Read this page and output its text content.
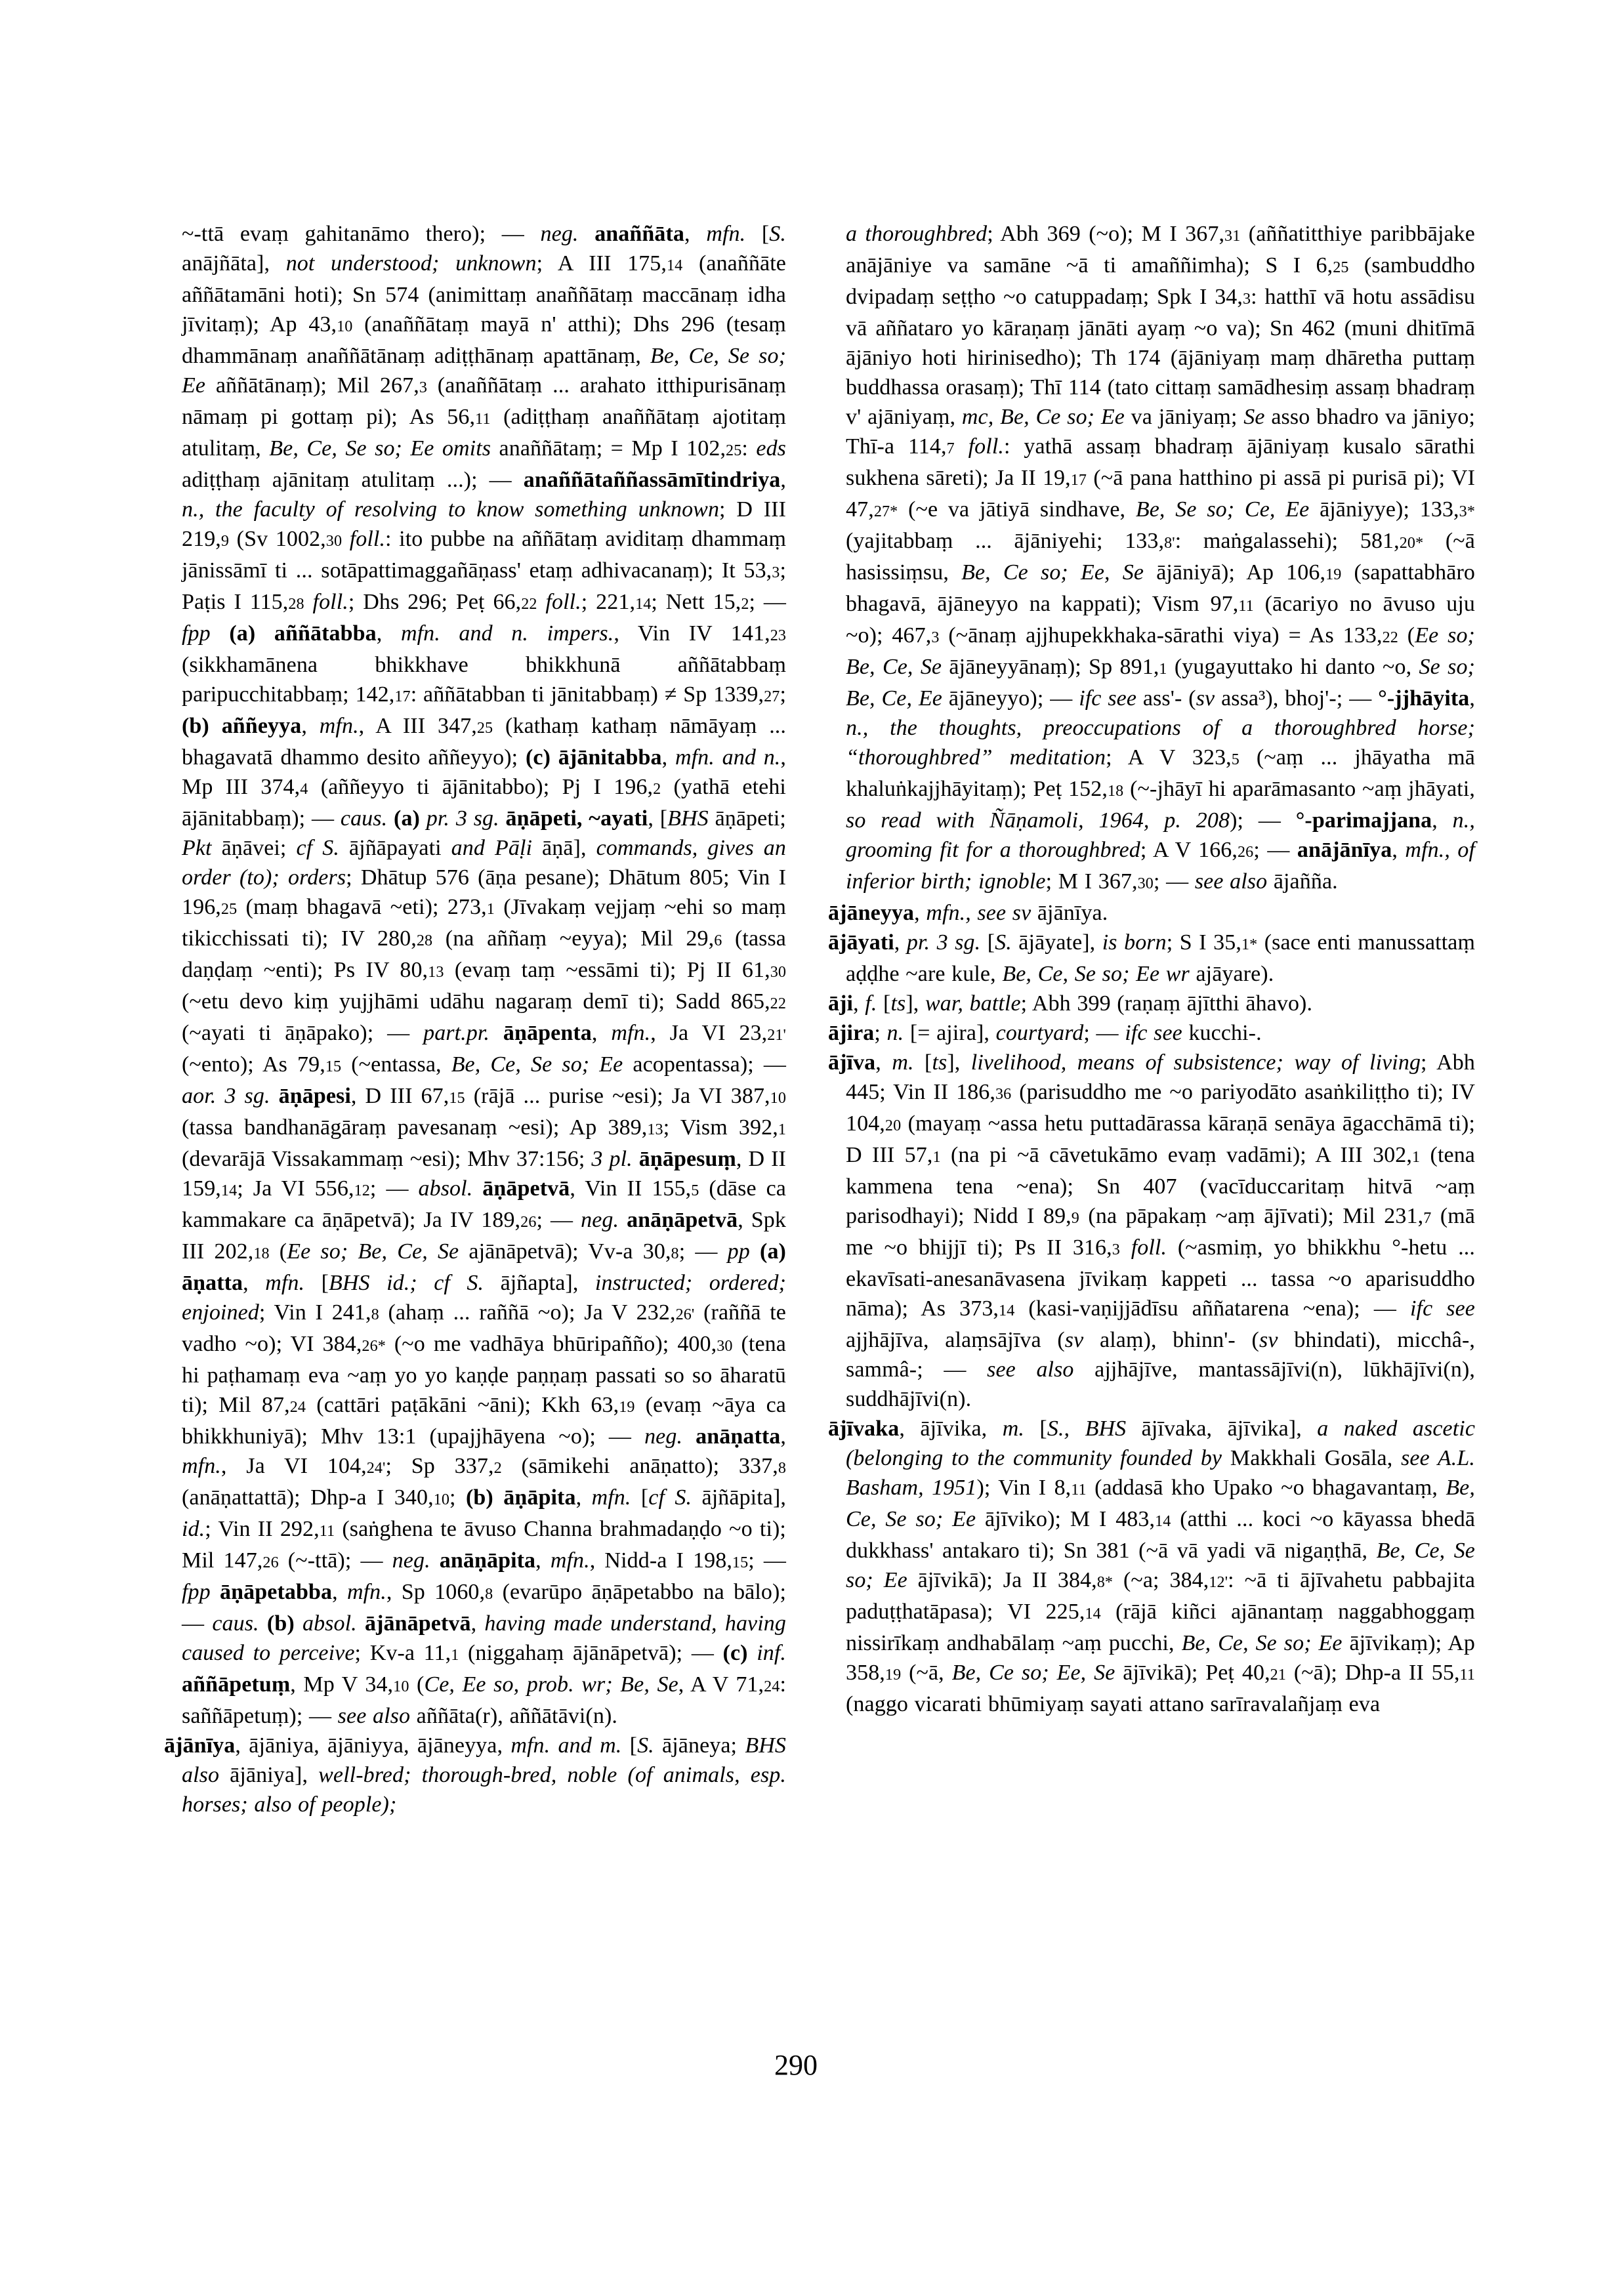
~-ttā evaṃ gahitanāmo thero); — neg. anaññāta, mfn. [S. anājñāta], not understood; unknown; A III 175,14 (anaññāte aññātamāni hoti); Sn 574 (animittaṃ anaññātaṃ maccānaṃ idha jīvitaṃ); Ap 43,10 (anaññātaṃ mayā n' atthi); Dhs 296 (tesaṃ dhammānaṃ anaññātānaṃ adiṭṭhānaṃ apattānaṃ, Be, Ce, Se so; Ee aññātānaṃ); Mil 267,3 (anaññātaṃ ... arahato itthipurisānaṃ nāmaṃ pi gottaṃ pi); As 56,11 (adiṭṭhaṃ anaññātaṃ ajotitaṃ atulitaṃ, Be, Ce, Se so; Ee omits anaññātaṃ; = Mp I 102,25: eds adiṭṭhaṃ ajānitaṃ atulitaṃ ...); — anaññātaññassāmītindriya, n., the faculty of resolving to know something unknown; D III 219,9 (Sv 1002,30 foll.: ito pubbe na aññātaṃ aviditaṃ dhammaṃ jānissāmī ti ... sotāpattimaggañāṇass' etaṃ adhivacanaṃ); It 53,3; Paṭis I 115,28 foll.; Dhs 296; Peṭ 66,22 foll.; 221,14; Nett 15,2; — fpp (a) aññātabba, mfn. and n. impers., Vin IV 141,23 (sikkhamānena bhikkhave bhikkhunā aññātabbaṃ paripucchitabbaṃ; 142,17: aññātabban ti jānitabbaṃ) ≠ Sp 1339,27; (b) aññeyya, mfn., A III 347,25 (kathaṃ kathaṃ nāmāyaṃ ... bhagavatā dhammo desito aññeyyo); (c) ājānitabba, mfn. and n., Mp III 374,4 (aññeyyo ti ājānitabbo); Pj I 196,2 (yathā etehi ājānitabbaṃ); — caus. (a) pr. 3 sg. āṇāpeti, ~ayati, [BHS āṇāpeti; Pkt āṇāvei; cf S. ājñāpayati and Pāḷi āṇā], commands, gives an order (to); orders; Dhātup 576 (āṇa pesane); Dhātum 805; Vin I 196,25 (maṃ bhagavā ~eti); 273,1 (Jīvakaṃ vejjaṃ ~ehi so maṃ tikicchissati ti); IV 280,28 (na aññaṃ ~eyya); Mil 29,6 (tassa daṇḍaṃ ~enti); Ps IV 80,13 (evaṃ taṃ ~essāmi ti); Pj II 61,30 (~etu devo kiṃ yujjhāmi udāhu nagaraṃ demī ti); Sadd 865,22 (~ayati ti āṇāpako); — part.pr. āṇāpenta, mfn., Ja VI 23,21' (~ento); As 79,15 (~entassa, Be, Ce, Se so; Ee acopentassa); — aor. 3 sg. āṇāpesi, D III 67,15 (rājā ... purise ~esi); Ja VI 387,10 (tassa bandhanāgāraṃ pavesanaṃ ~esi); Ap 389,13; Vism 392,1 (devarājā Vissakammaṃ ~esi); Mhv 37:156; 3 pl. āṇāpesuṃ, D II 159,14; Ja VI 556,12; — absol. āṇāpetvā, Vin II 155,5 (dāse ca kammakare ca āṇāpetvā); Ja IV 189,26; — neg. anāṇāpetvā, Spk III 202,18 (Ee so; Be, Ce, Se ajānāpetvā); Vv-a 30,8; — pp (a) āṇatta, mfn. [BHS id.; cf S. ājñapta], instructed; ordered; enjoined; Vin I 241,8 (ahaṃ ... raññā ~o); Ja V 232,26' (raññā te vadho ~o); VI 384,26* (~o me vadhāya bhūripañño); 400,30 (tena hi paṭhamaṃ eva ~aṃ yo yo kaṇḍe paṇṇaṃ passati so so āharatū ti); Mil 87,24 (cattāri paṭākāni ~āni); Kkh 63,19 (evaṃ ~āya ca bhikkhuniyā); Mhv 13:1 (upajjhāyena ~o); — neg. anāṇatta, mfn., Ja VI 104,24'; Sp 337,2 (sāmikehi anāṇatto); 337,8 (anāṇattattā); Dhp-a I 340,10; (b) āṇāpita, mfn. [cf S. ājñāpita], id.; Vin II 292,11 (saṅghena te āvuso Channa brahmadaṇḍo ~o ti); Mil 147,26 (~-ttā); — neg. anāṇāpita, mfn., Nidd-a I 198,15; — fpp āṇāpetabba, mfn., Sp 1060,8 (evarūpo āṇāpetabbo na bālo); — caus. (b) absol. ājānāpetvā, having made understand, having caused to perceive; Kv-a 11,1 (niggahaṃ ājānāpetvā); — (c) inf. aññāpetuṃ, Mp V 34,10 (Ce, Ee so, prob. wr; Be, Se, A V 71,24: saññāpetuṃ); — see also aññāta(r), aññātāvi(n).

ājānīya, ājāniya, ājāniyya, ājāneyya, mfn. and m. [S. ājāneya; BHS also ājāniya], well-bred; thorough-bred, noble (of animals, esp. horses; also of people);

a thoroughbred; Abh 369 (~o); M I 367,31 (aññatitthiye paribbājake anājāniye va samāne ~ā ti amaññimha); S I 6,25 (sambuddho dvipadaṃ seṭṭho ~o catuppadaṃ; Spk I 34,3: hatthī vā hotu assādisu vā aññataro yo kāraṇaṃ jānāti ayaṃ ~o va); Sn 462 (muni dhitīmā ājāniyo hoti hirinisedho); Th 174 (ājāniyaṃ maṃ dhāretha puttaṃ buddhassa orasaṃ); Thī 114 (tato cittaṃ samādhesiṃ assaṃ bhadraṃ v' ajāniyaṃ, mc, Be, Ce so; Ee va jāniyaṃ; Se asso bhadro va jāniyo; Thī-a 114,7 foll.: yathā assaṃ bhadraṃ ājāniyaṃ kusalo sārathi sukhena sāreti); Ja II 19,17 (~ā pana hatthino pi assā pi purisā pi); VI 47,27* (~e va jātiyā sindhave, Be, Se so; Ce, Ee ājāniyye); 133,3* (yajitabbaṃ ... ājāniyehi; 133,8': maṅgalassehi); 581,20* (~ā hasissiṃsu, Be, Ce so; Ee, Se ājāniyā); Ap 106,19 (sapattabhāro bhagavā, ājāneyyo na kappati); Vism 97,11 (ācariyo no āvuso uju ~o); 467,3 (~ānaṃ ajjhupekkhaka-sārathi viya) = As 133,22 (Ee so; Be, Ce, Se ājāneyyānaṃ); Sp 891,1 (yugayuttako hi danto ~o, Se so; Be, Ce, Ee ājāneyyo); — ifc see ass'- (sv assa³), bhoj'-; — °-jjhāyita, n., the thoughts, preoccupations of a thoroughbred horse; “thoroughbred” meditation; A V 323,5 (~aṃ ... jhāyatha mā khaluṅkajjhāyitaṃ); Peṭ 152,18 (~-jhāyī hi aparāmasanto ~aṃ jhāyati, so read with Ñāṇamoli, 1964, p. 208); — °-parimajjana, n., grooming fit for a thoroughbred; A V 166,26; — anājānīya, mfn., of inferior birth; ignoble; M I 367,30; — see also ājañña.

ājāneyya, mfn., see sv ājānīya.

ājāyati, pr. 3 sg. [S. ājāyate], is born; S I 35,1* (sace enti manussattaṃ aḍḍhe ~are kule, Be, Ce, Se so; Ee wr ajāyare).

āji, f. [ts], war, battle; Abh 399 (raṇaṃ ājītthi āhavo).

ājira; n. [= ajira], courtyard; — ifc see kucchi-.

ājīva, m. [ts], livelihood, means of subsistence; way of living; Abh 445; Vin II 186,36 (parisuddho me ~o pariyodāto asaṅkiliṭṭho ti); IV 104,20 (mayaṃ ~assa hetu puttadārassa kāraṇā senāya āgacchāmā ti); D III 57,1 (na pi ~ā cāvetukāmo evaṃ vadāmi); A III 302,1 (tena kammena tena ~ena); Sn 407 (vacīduccaritaṃ hitvā ~aṃ parisodhayi); Nidd I 89,9 (na pāpakaṃ ~aṃ ājīvati); Mil 231,7 (mā me ~o bhijjī ti); Ps II 316,3 foll. (~asmiṃ, yo bhikkhu °-hetu ... ekavīsati-anesanāvasena jīvikaṃ kappeti ... tassa ~o aparisuddho nāma); As 373,14 (kasi-vaṇijjādīsu aññatarena ~ena); — ifc see ajjhājīva, alaṃsājīva (sv alaṃ), bhinn'- (sv bhindati), micchâ-, sammâ-; — see also ajjhājīve, mantassājīvi(n), lūkhājīvi(n), suddhājīvi(n).

ājīvaka, ājīvika, m. [S., BHS ājīvaka, ājīvika], a naked ascetic (belonging to the community founded by Makkhali Gosāla, see A.L. Basham, 1951); Vin I 8,11 (addasā kho Upako ~o bhagavantaṃ, Be, Ce, Se so; Ee ājīviko); M I 483,14 (atthi ... koci ~o kāyassa bhedā dukkhass' antakaro ti); Sn 381 (~ā vā yadi vā nigaṇṭhā, Be, Ce, Se so; Ee ājīvikā); Ja II 384,8* (~a; 384,12': ~ā ti ājīvahetu pabbajita paduṭṭhatāpasa); VI 225,14 (rājā kiñci ajānantaṃ naggabhoggaṃ nissirīkaṃ andhabālaṃ ~aṃ pucchi, Be, Ce, Se so; Ee ājīvikaṃ); Ap 358,19 (~ā, Be, Ce so; Ee, Se ājīvikā); Peṭ 40,21 (~ā); Dhp-a II 55,11 (naggo vicarati bhūmiyaṃ sayati attano sarīravalañjaṃ eva

290
